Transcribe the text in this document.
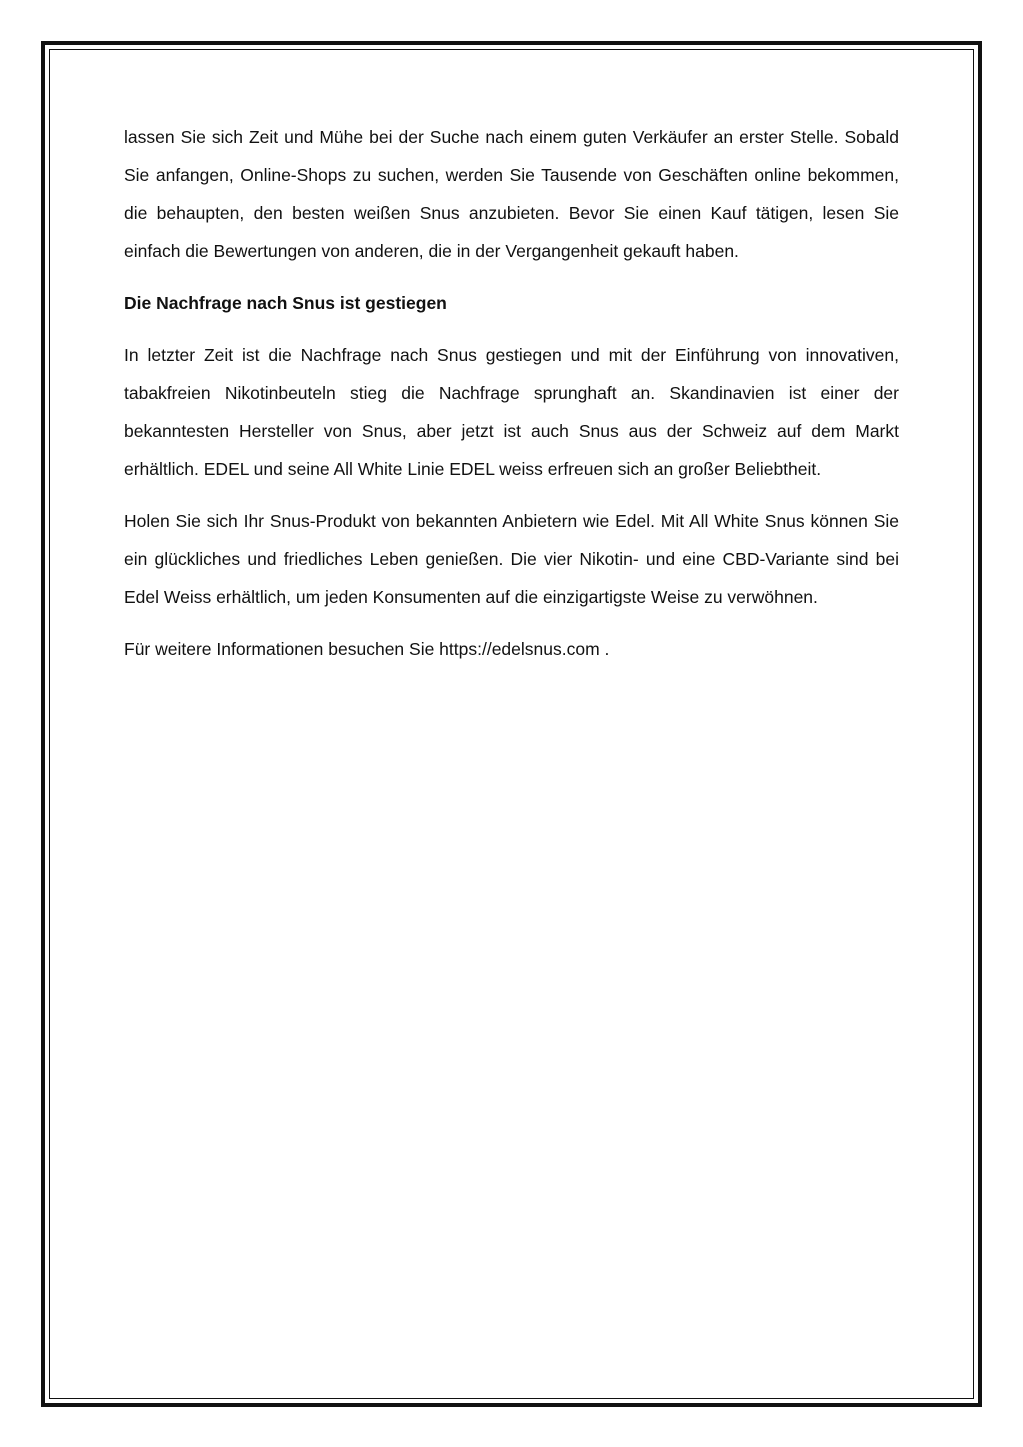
lassen Sie sich Zeit und Mühe bei der Suche nach einem guten Verkäufer an erster Stelle. Sobald Sie anfangen, Online-Shops zu suchen, werden Sie Tausende von Geschäften online bekommen, die behaupten, den besten weißen Snus anzubieten. Bevor Sie einen Kauf tätigen, lesen Sie einfach die Bewertungen von anderen, die in der Vergangenheit gekauft haben.

Die Nachfrage nach Snus ist gestiegen

In letzter Zeit ist die Nachfrage nach Snus gestiegen und mit der Einführung von innovativen, tabakfreien Nikotinbeuteln stieg die Nachfrage sprunghaft an. Skandinavien ist einer der bekanntesten Hersteller von Snus, aber jetzt ist auch Snus aus der Schweiz auf dem Markt erhältlich. EDEL und seine All White Linie EDEL weiss erfreuen sich an großer Beliebtheit.

Holen Sie sich Ihr Snus-Produkt von bekannten Anbietern wie Edel. Mit All White Snus können Sie ein glückliches und friedliches Leben genießen. Die vier Nikotin- und eine CBD-Variante sind bei Edel Weiss erhältlich, um jeden Konsumenten auf die einzigartigste Weise zu verwöhnen.

Für weitere Informationen besuchen Sie https://edelsnus.com .
